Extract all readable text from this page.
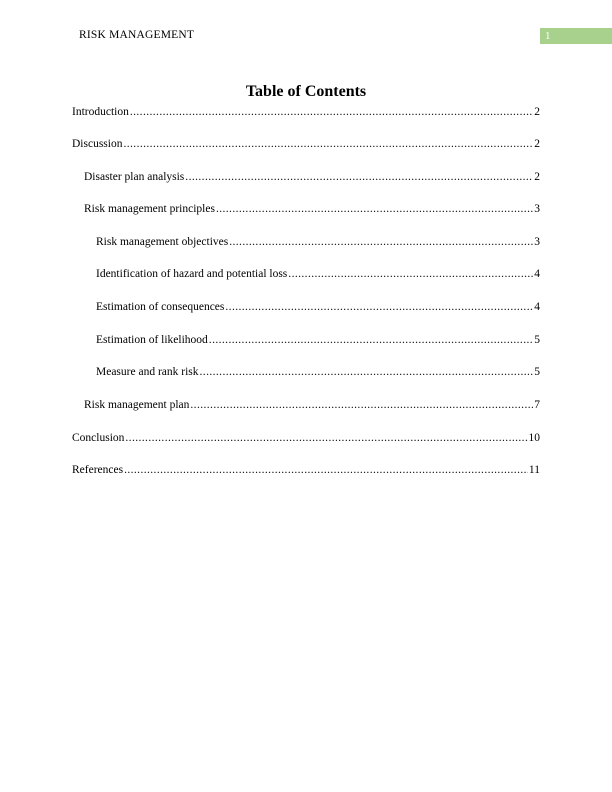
RISK MANAGEMENT	1
Table of Contents
Introduction .....	2
Discussion .....	2
Disaster plan analysis .....	2
Risk management principles .....	3
Risk management objectives .....	3
Identification of hazard and potential loss .....	4
Estimation of consequences .....	4
Estimation of likelihood .....	5
Measure and rank risk .....	5
Risk management plan .....	7
Conclusion .....	10
References .....	11
